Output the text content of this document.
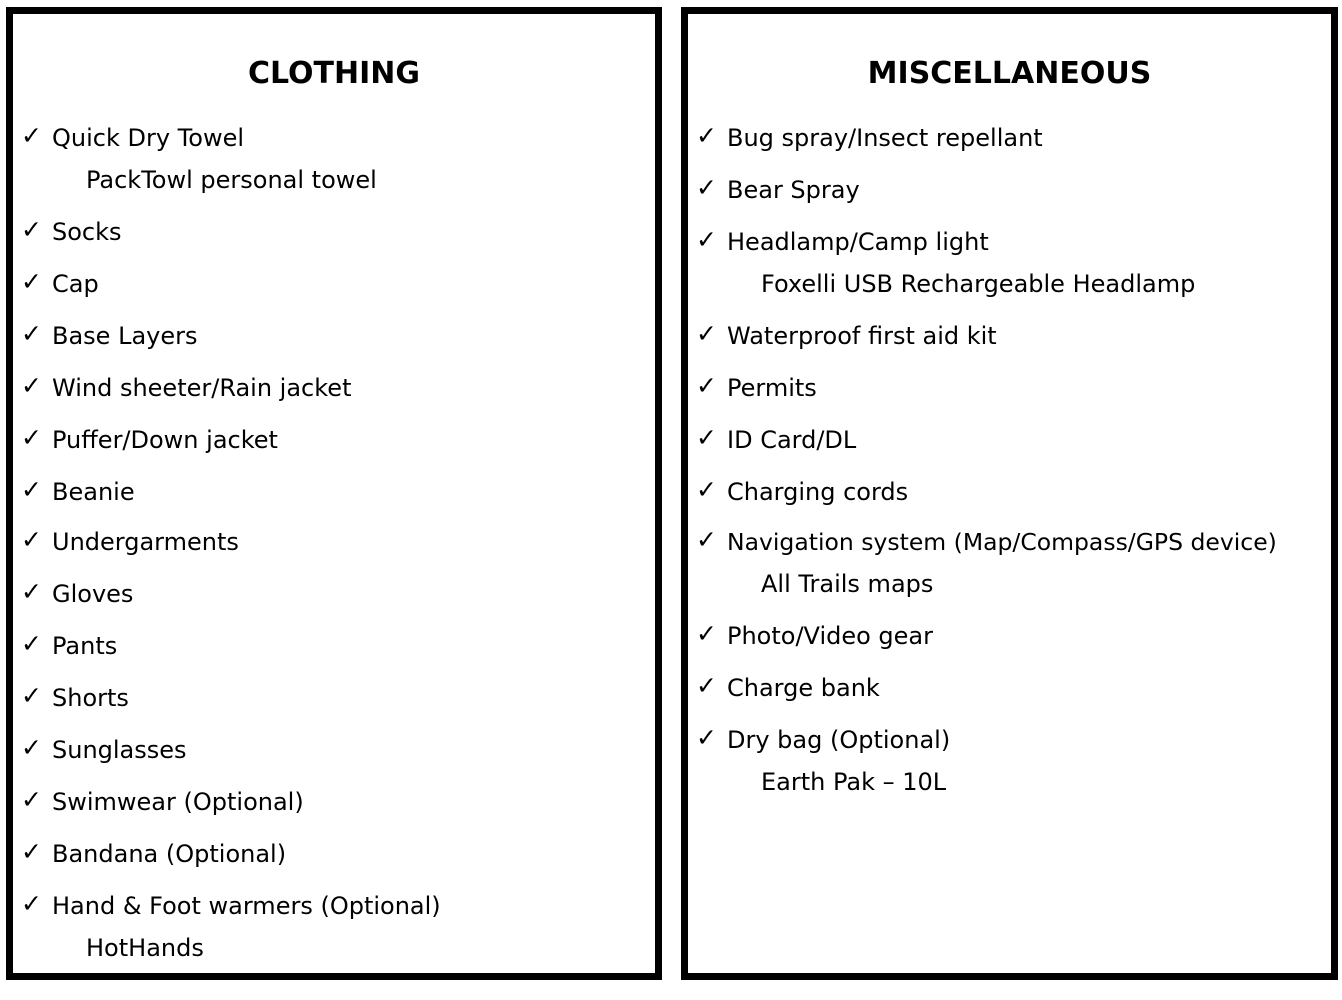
CLOTHING
✓ Quick Dry Towel
PackTowl personal towel
✓ Socks
✓ Cap
✓ Base Layers
✓ Wind sheeter/Rain jacket
✓ Puffer/Down jacket
✓ Beanie
✓ Undergarments
✓ Gloves
✓ Pants
✓ Shorts
✓ Sunglasses
✓ Swimwear (Optional)
✓ Bandana (Optional)
✓ Hand & Foot warmers (Optional)
HotHands
MISCELLANEOUS
✓ Bug spray/Insect repellant
✓ Bear Spray
✓ Headlamp/Camp light
Foxelli USB Rechargeable Headlamp
✓ Waterproof first aid kit
✓ Permits
✓ ID Card/DL
✓ Charging cords
✓ Navigation system (Map/Compass/GPS device)
All Trails maps
✓ Photo/Video gear
✓ Charge bank
✓ Dry bag (Optional)
Earth Pak – 10L
